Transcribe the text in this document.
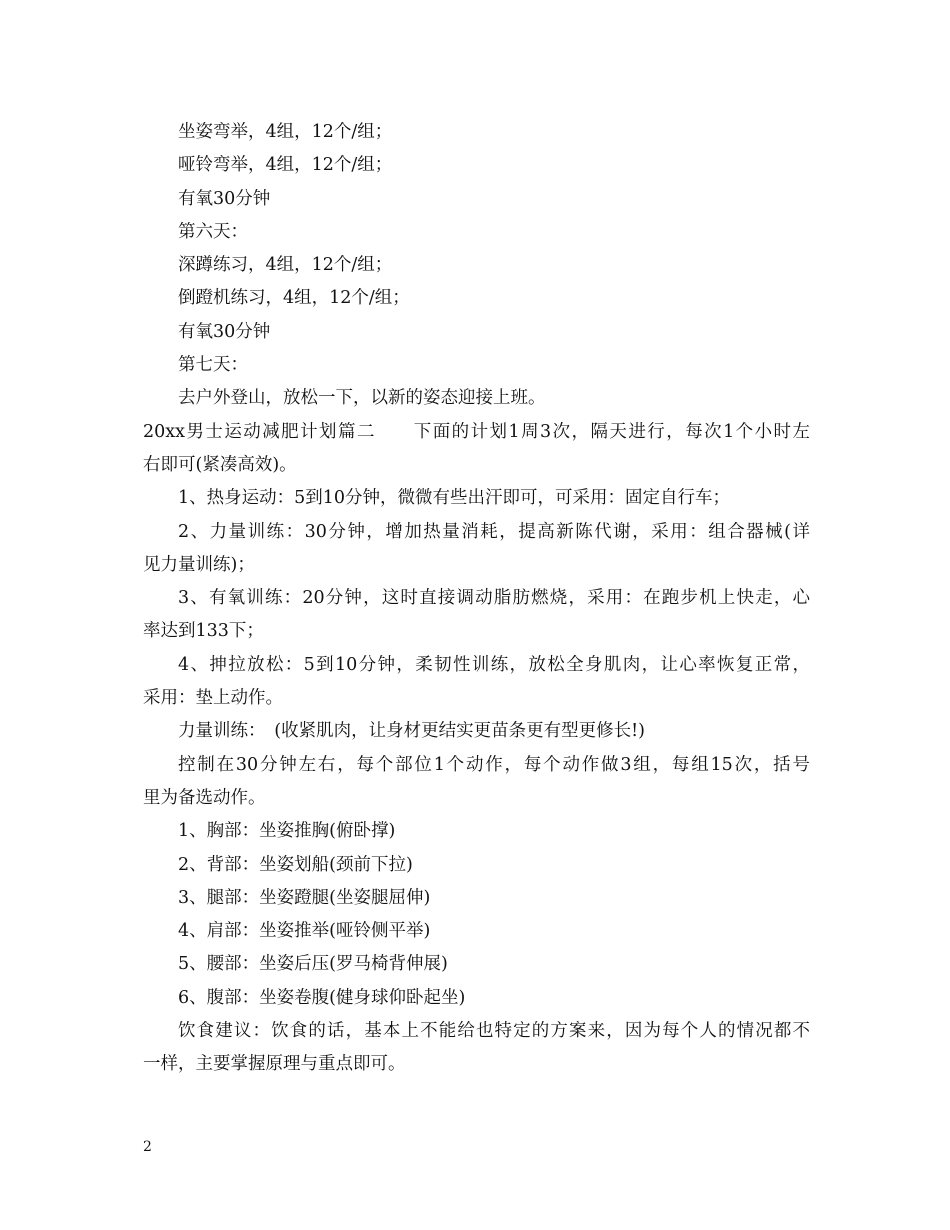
坐姿弯举，4组，12个/组；
哑铃弯举，4组，12个/组；
有氧30分钟
第六天：
深蹲练习，4组，12个/组；
倒蹬机练习，4组，12个/组；
有氧30分钟
第七天：
去户外登山，放松一下，以新的姿态迎接上班。
20xx男士运动减肥计划篇二　　下面的计划1周3次，隔天进行，每次1个小时左
右即可(紧凑高效)。
1、热身运动：5到10分钟，微微有些出汗即可，可采用：固定自行车；
2、力量训练：30分钟，增加热量消耗，提高新陈代谢，采用：组合器械(详
见力量训练)；
3、有氧训练：20分钟，这时直接调动脂肪燃烧，采用：在跑步机上快走，心
率达到133下；
4、抻拉放松：5到10分钟，柔韧性训练，放松全身肌肉，让心率恢复正常，
采用：垫上动作。
力量训练：　(收紧肌肉，让身材更结实更苗条更有型更修长!)
控制在30分钟左右，每个部位1个动作，每个动作做3组，每组15次，括号
里为备选动作。
1、胸部：坐姿推胸(俯卧撑)
2、背部：坐姿划船(颈前下拉)
3、腿部：坐姿蹬腿(坐姿腿屈伸)
4、肩部：坐姿推举(哑铃侧平举)
5、腰部：坐姿后压(罗马椅背伸展)
6、腹部：坐姿卷腹(健身球仰卧起坐)
饮食建议：饮食的话，基本上不能给也特定的方案来，因为每个人的情况都不
一样，主要掌握原理与重点即可。
2
